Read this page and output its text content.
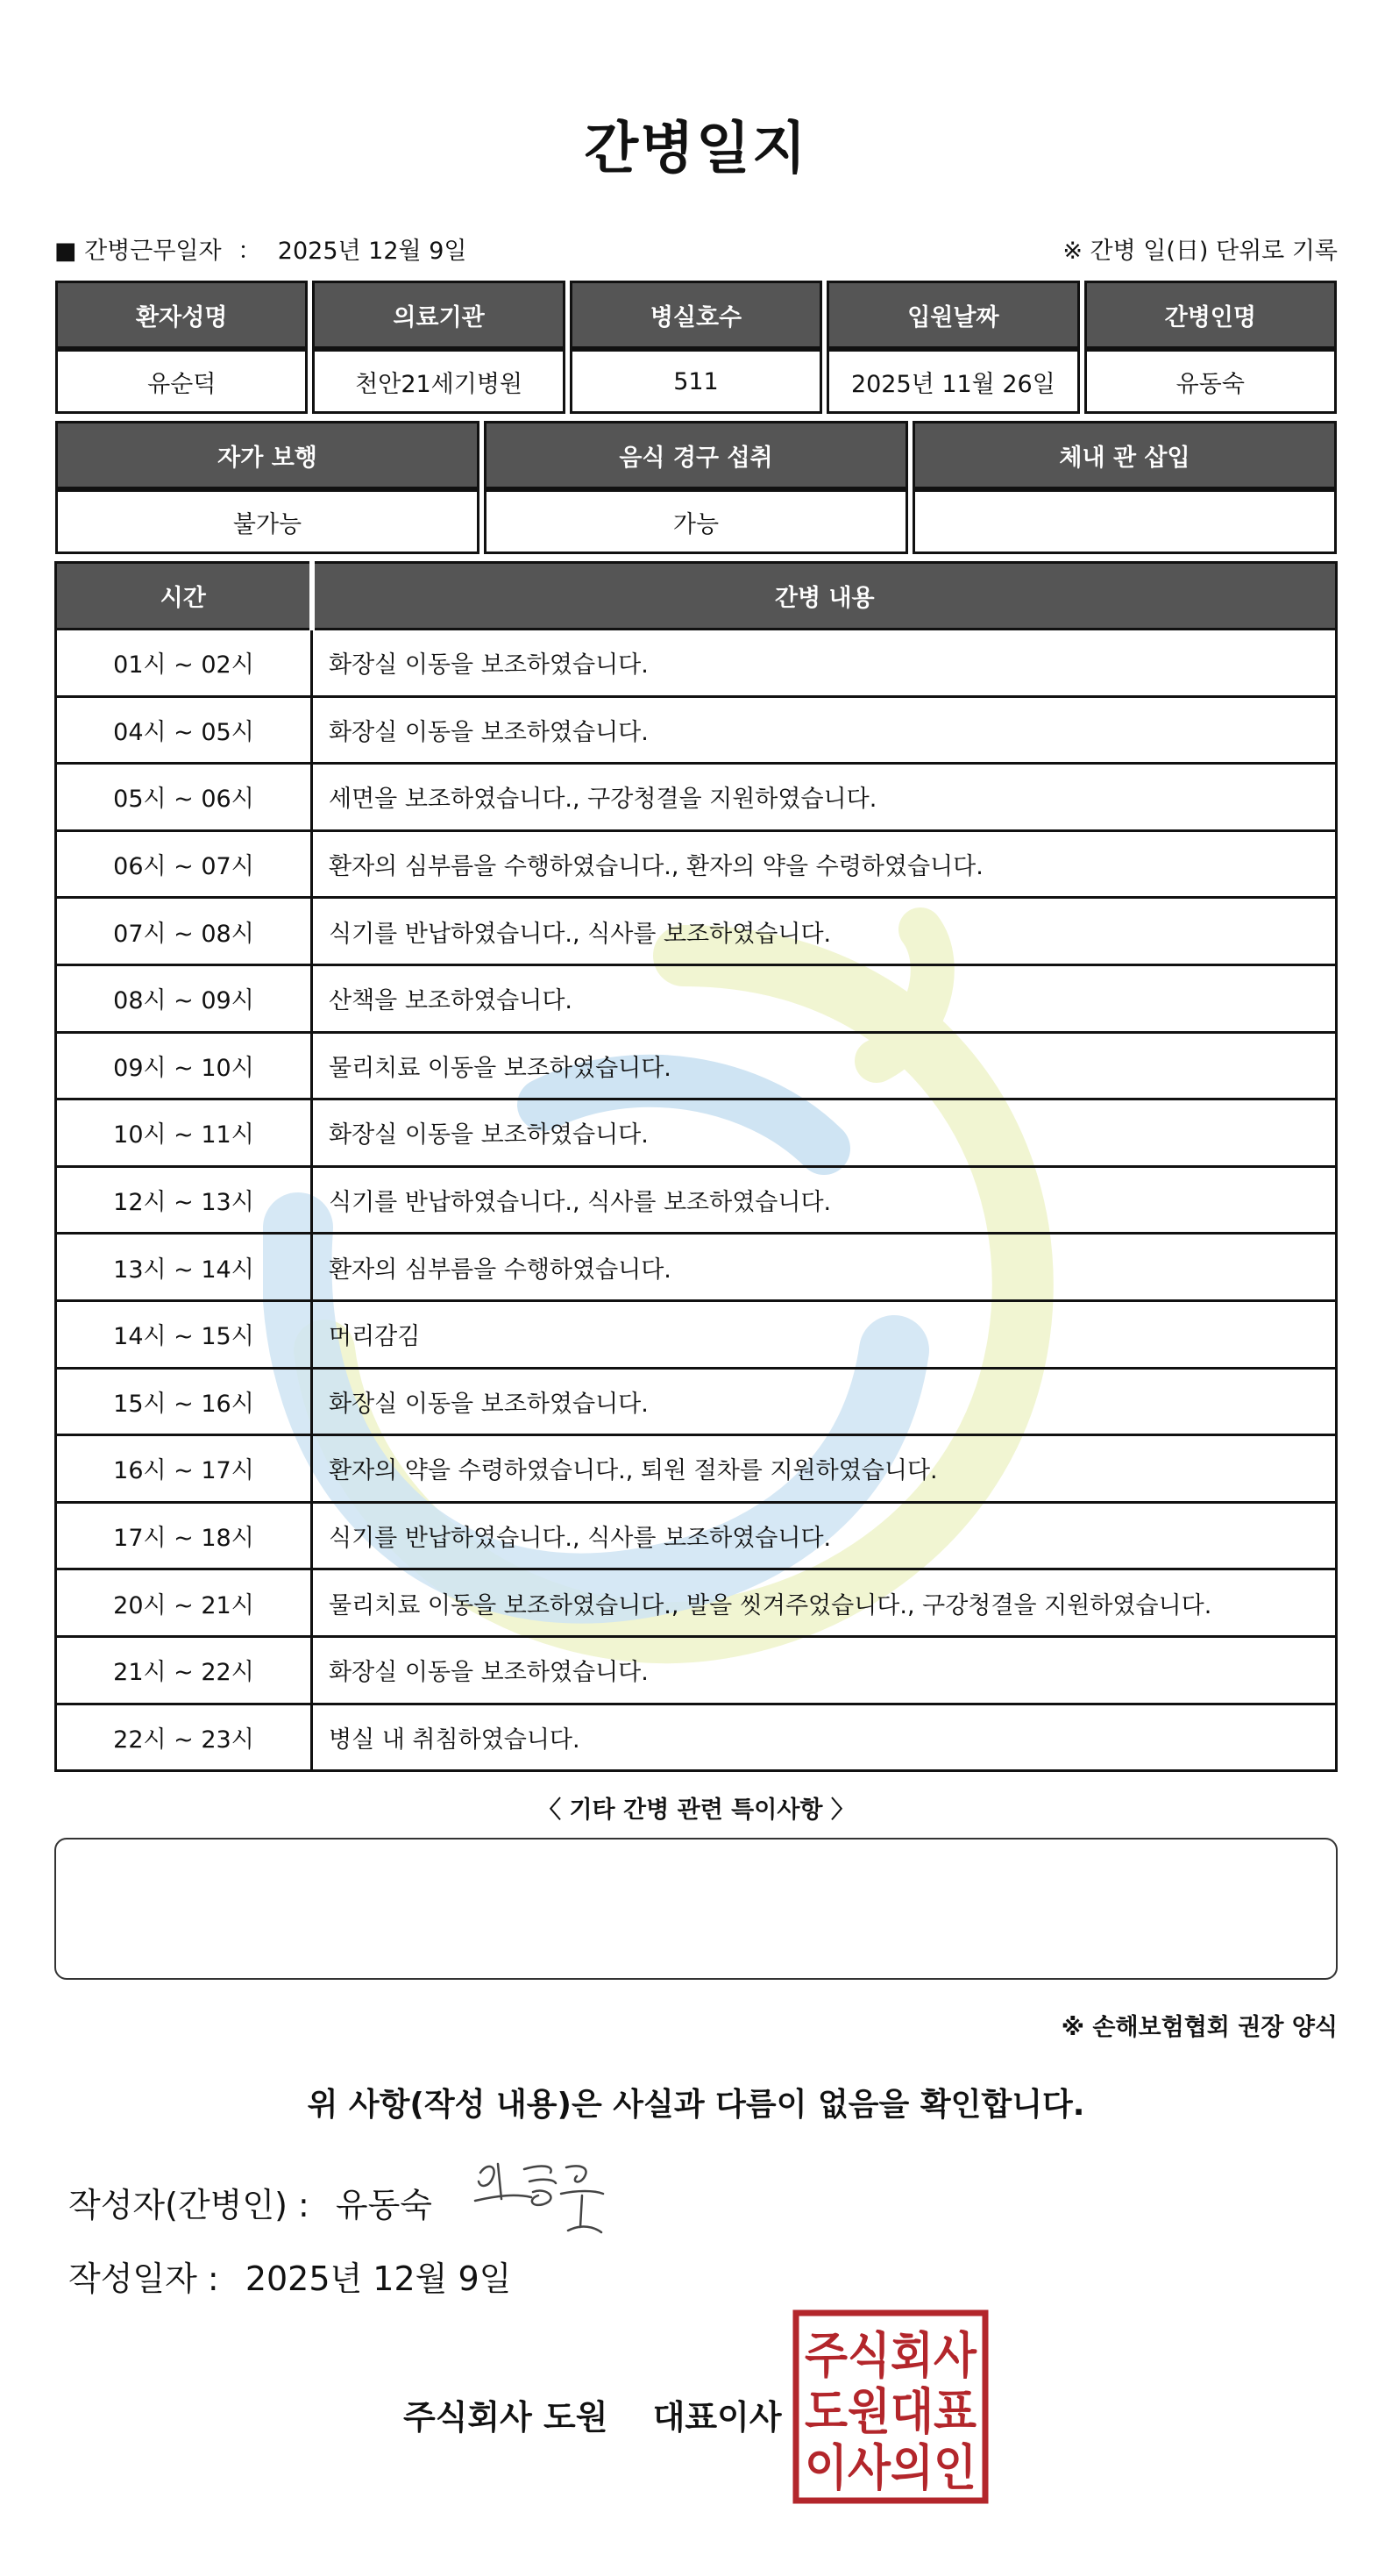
간병일지
■ 간병근무일자 ： 2025년 12월 9일	※ 간병 일(日) 단위로 기록
환자성명	의료기관	병실호수	입원날짜	간병인명
유순덕	천안21세기병원	511	2025년 11월 26일	유동숙
자가 보행	음식 경구 섭취	체내 관 삽입
불가능	가능	
시간	간병 내용
01시 ~ 02시	화장실 이동을 보조하였습니다.
04시 ~ 05시	화장실 이동을 보조하였습니다.
05시 ~ 06시	세면을 보조하였습니다., 구강청결을 지원하였습니다.
06시 ~ 07시	환자의 심부름을 수행하였습니다., 환자의 약을 수령하였습니다.
07시 ~ 08시	식기를 반납하였습니다., 식사를 보조하였습니다.
08시 ~ 09시	산책을 보조하였습니다.
09시 ~ 10시	물리치료 이동을 보조하였습니다.
10시 ~ 11시	화장실 이동을 보조하였습니다.
12시 ~ 13시	식기를 반납하였습니다., 식사를 보조하였습니다.
13시 ~ 14시	환자의 심부름을 수행하였습니다.
14시 ~ 15시	머리감김
15시 ~ 16시	화장실 이동을 보조하였습니다.
16시 ~ 17시	환자의 약을 수령하였습니다., 퇴원 절차를 지원하였습니다.
17시 ~ 18시	식기를 반납하였습니다., 식사를 보조하였습니다.
20시 ~ 21시	물리치료 이동을 보조하였습니다., 발을 씻겨주었습니다., 구강청결을 지원하였습니다.
21시 ~ 22시	화장실 이동을 보조하였습니다.
22시 ~ 23시	병실 내 취침하였습니다.
〈 기타 간병 관련 특이사항 〉
※ 손해보험협회 권장 양식
위 사항(작성 내용)은 사실과 다름이 없음을 확인합니다.
작성자(간병인) : 유동숙
작성일자 : 2025년 12월 9일
주식회사 도원 대표이사
주식회사
도원대표
이사의인
